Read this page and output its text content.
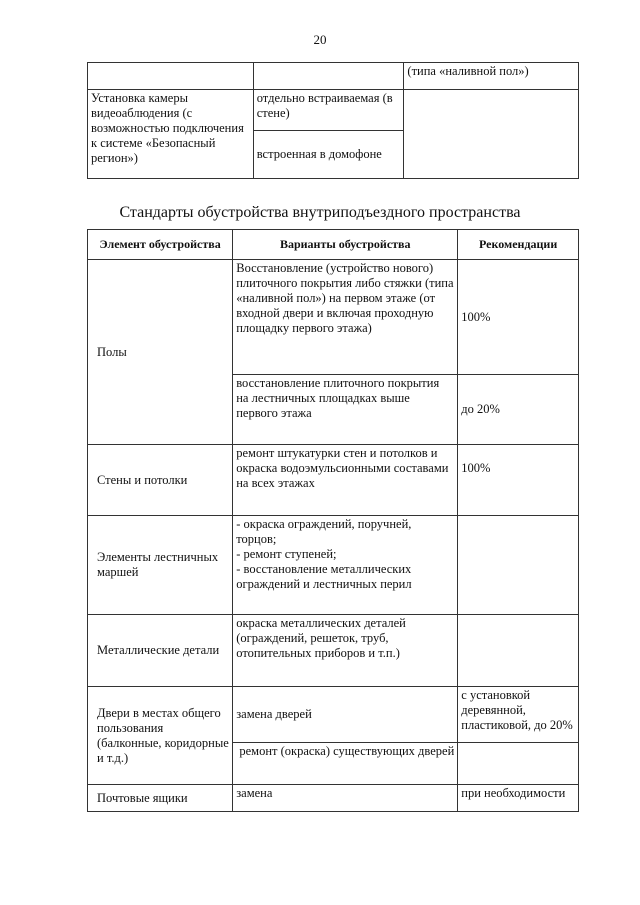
20
		(типа «наливной пол»)
Установка камеры видеоаблюдения (с возможностью подключения к системе «Безопасный регион»)	отдельно встраиваемая (в стене)	
	встроенная в домофоне	
Стандарты обустройства внутриподъездного пространства
Элемент обустройства	Варианты обустройства	Рекомендации
Полы	Восстановление (устройство нового) плиточного покрытия либо стяжки (типа «наливной пол») на первом этаже (от входной двери и включая проходную площадку первого этажа)	100%
	восстановление плиточного покрытия на лестничных площадках выше первого этажа	до 20%
Стены и потолки	ремонт штукатурки стен и потолков и окраска водоэмульсионными составами на всех этажах	100%
Элементы лестничных маршей	- окраска ограждений, поручней, торцов;
- ремонт ступеней;
- восстановление металлических ограждений и лестничных перил	
Металлические детали	окраска металлических деталей (ограждений, решеток, труб, отопительных приборов и т.п.)	
Двери в местах общего пользования (балконные, коридорные и т.д.)	замена дверей	с установкой деревянной, пластиковой, до 20%
	ремонт (окраска) существующих дверей	
Почтовые ящики	замена	при необходимости
